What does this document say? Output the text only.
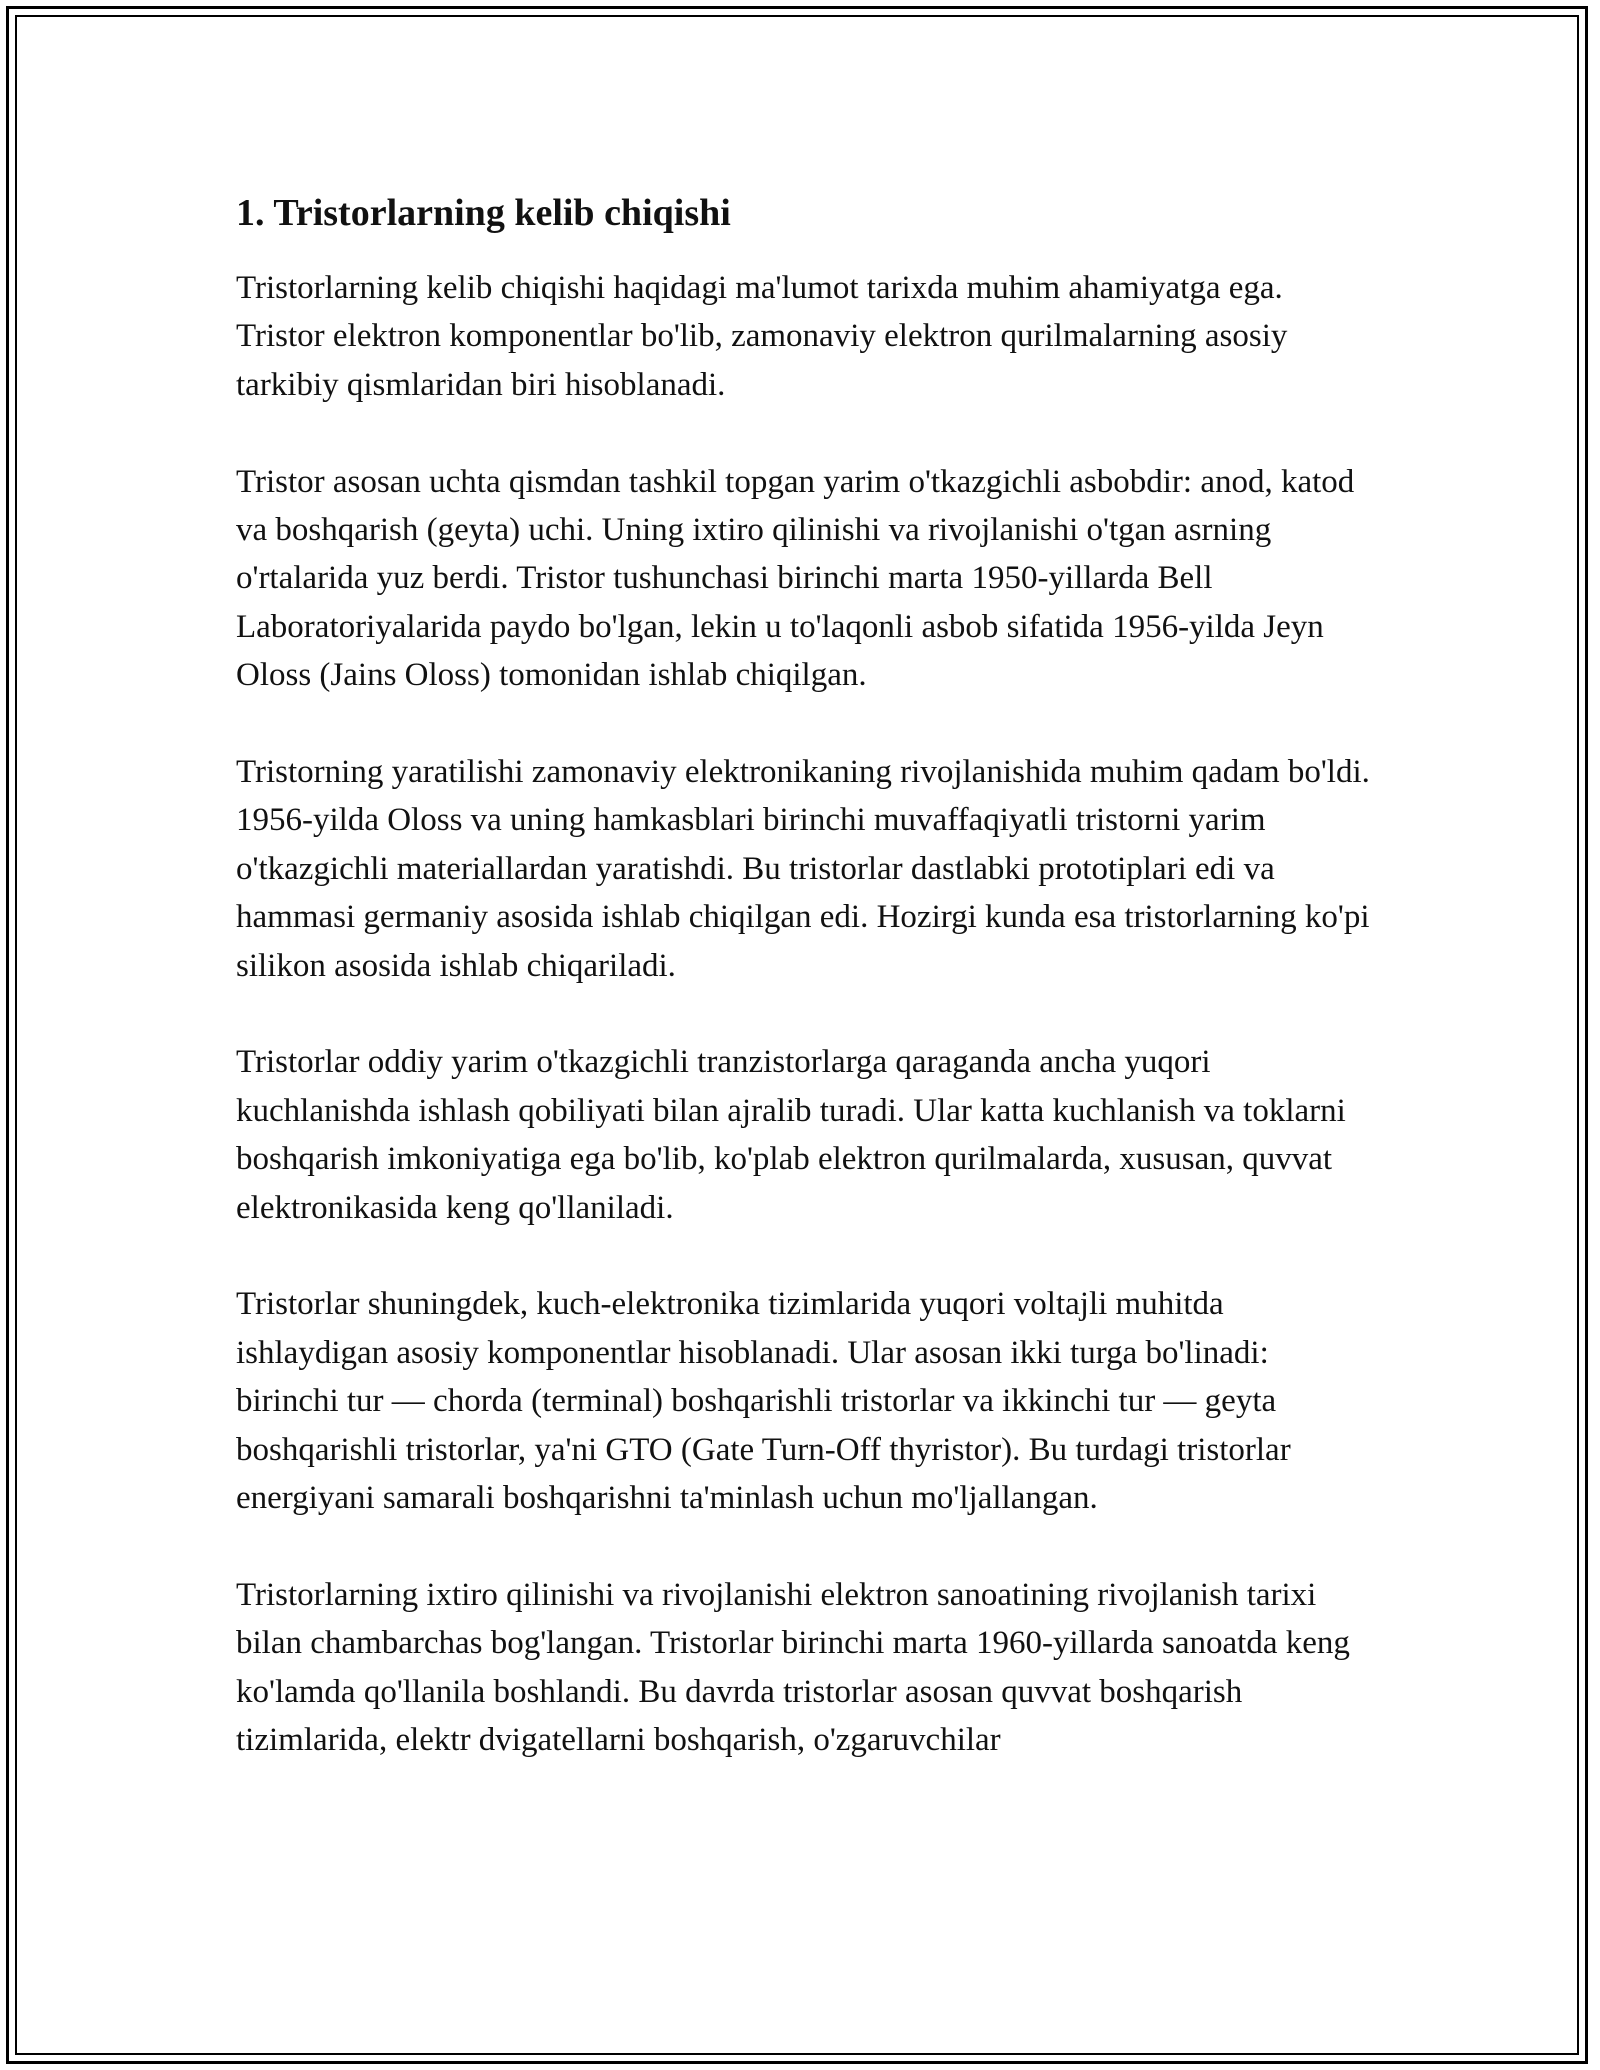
1. Tristorlarning kelib chiqishi

Tristorlarning kelib chiqishi haqidagi ma'lumot tarixda muhim ahamiyatga ega. Tristor elektron komponentlar bo'lib, zamonaviy elektron qurilmalarning asosiy tarkibiy qismlaridan biri hisoblanadi.

Tristor asosan uchta qismdan tashkil topgan yarim o'tkazgichli asbobdir: anod, katod va boshqarish (geyta) uchi. Uning ixtiro qilinishi va rivojlanishi o'tgan asrning o'rtalarida yuz berdi. Tristor tushunchasi birinchi marta 1950-yillarda Bell Laboratoriyalarida paydo bo'lgan, lekin u to'laqonli asbob sifatida 1956-yilda Jeyn Oloss (Jains Oloss) tomonidan ishlab chiqilgan.

Tristorning yaratilishi zamonaviy elektronikaning rivojlanishida muhim qadam bo'ldi. 1956-yilda Oloss va uning hamkasblari birinchi muvaffaqiyatli tristorni yarim o'tkazgichli materiallardan yaratishdi. Bu tristorlar dastlabki prototiplari edi va hammasi germaniy asosida ishlab chiqilgan edi. Hozirgi kunda esa tristorlarning ko'pi silikon asosida ishlab chiqariladi.

Tristorlar oddiy yarim o'tkazgichli tranzistorlarga qaraganda ancha yuqori kuchlanishda ishlash qobiliyati bilan ajralib turadi. Ular katta kuchlanish va toklarni boshqarish imkoniyatiga ega bo'lib, ko'plab elektron qurilmalarda, xususan, quvvat elektronikasida keng qo'llaniladi.

Tristorlar shuningdek, kuch-elektronika tizimlarida yuqori voltajli muhitda ishlaydigan asosiy komponentlar hisoblanadi. Ular asosan ikki turga bo'linadi: birinchi tur — chorda (terminal) boshqarishli tristorlar va ikkinchi tur — geyta boshqarishli tristorlar, ya'ni GTO (Gate Turn-Off thyristor). Bu turdagi tristorlar energiyani samarali boshqarishni ta'minlash uchun mo'ljallangan.

Tristorlarning ixtiro qilinishi va rivojlanishi elektron sanoatining rivojlanish tarixi bilan chambarchas bog'langan. Tristorlar birinchi marta 1960-yillarda sanoatda keng ko'lamda qo'llanila boshlandi. Bu davrda tristorlar asosan quvvat boshqarish tizimlarida, elektr dvigatellarni boshqarish, o'zgaruvchilar
